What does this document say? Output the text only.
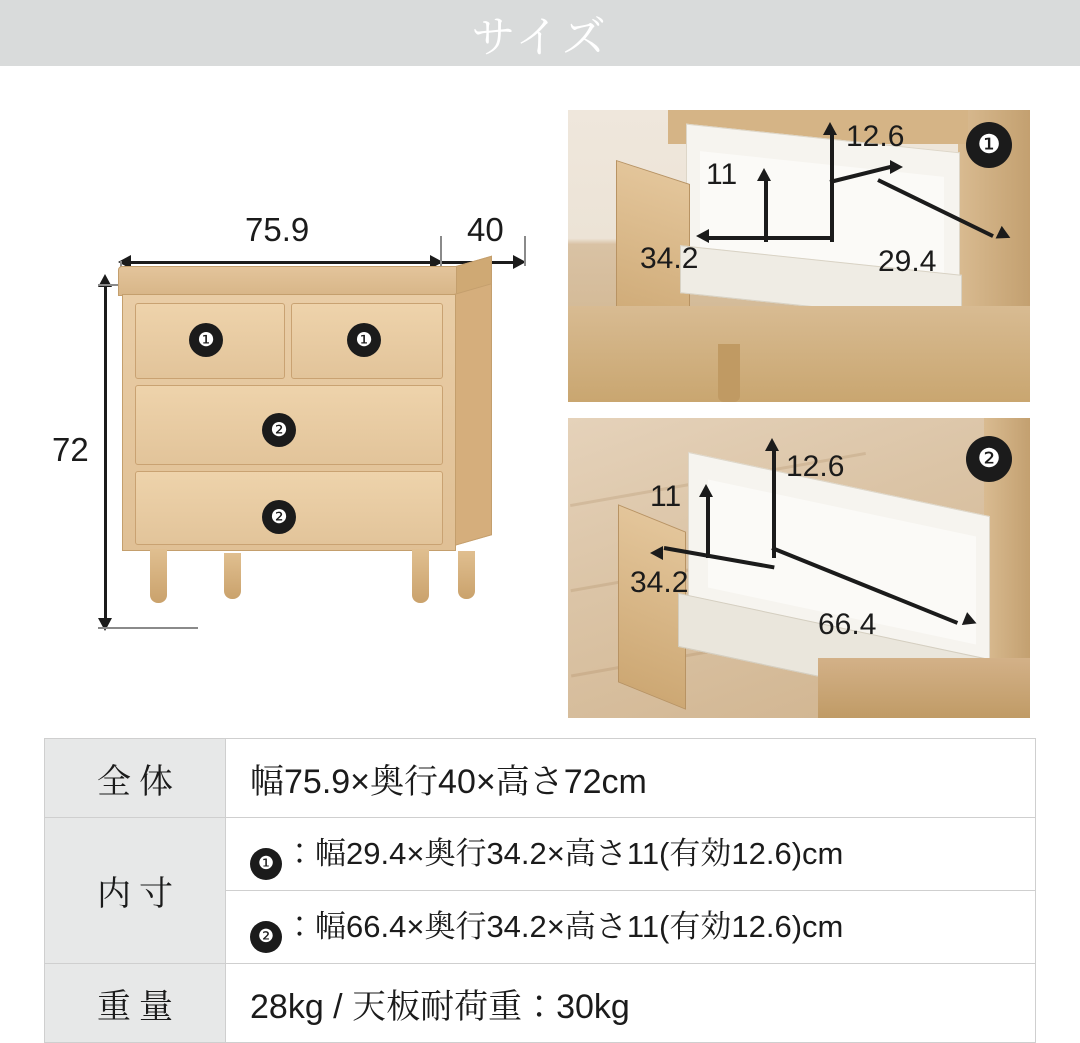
サイズ
75.9	40
72
❶	❶
❷
❷
❶
12.6
11
34.2	29.4
❷
12.6
11
34.2
66.4
全体	幅75.9×奥行40×高さ72cm
内寸	❶ ：幅29.4×奥行34.2×高さ11(有効12.6)cm
	❷ ：幅66.4×奥行34.2×高さ11(有効12.6)cm
重量	28kg / 天板耐荷重：30kg
